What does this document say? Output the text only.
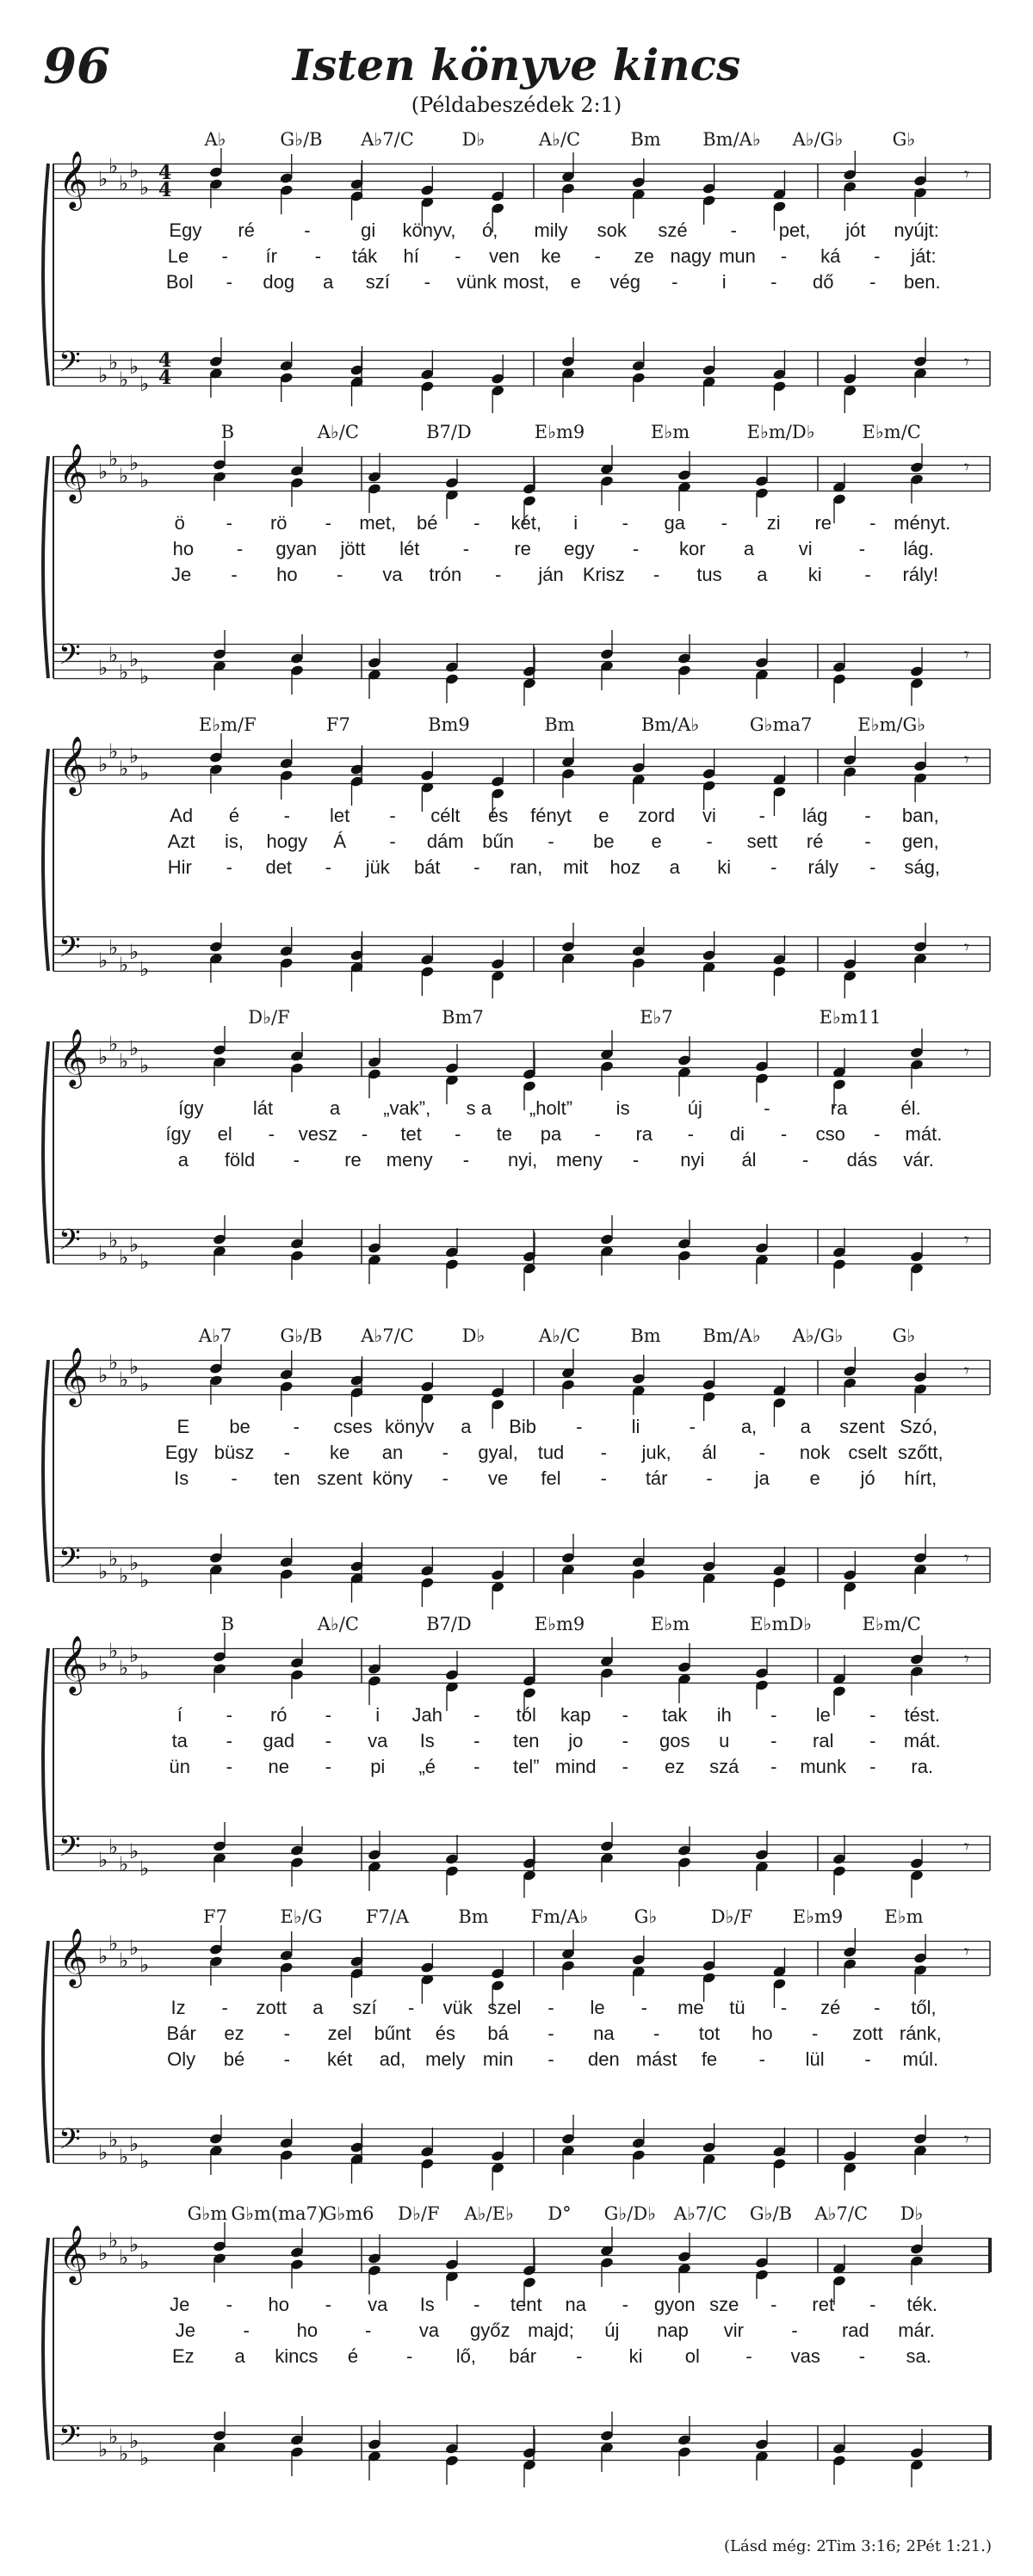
96	Isten könyve kincs
(Példabeszédek 2:1)
𝄞 ♭
♭
♭
♭
♭
4
4
𝄢 ♭
♭
♭
♭
♭
4
4
𝄾
𝄾
A♭	G♭/B A♭7/C	D♭	A♭/C	Bm Bm/A♭ A♭/G♭	G♭
Egy ré	-	gi könyv, ó, mily sok szé - pet, jót nyújt:
Le - ír - ták hí - ven ke - ze nagy mun - ká - ját:
Bol - dog a szí - vünk most, e vég - i - dő - ben.
𝄞 ♭
♭
♭
♭
♭
𝄢 ♭
♭
♭
♭
♭
𝄾
𝄾
B	A♭/C	B7/D	E♭m9	E♭m	E♭m/D♭	E♭m/C
ö - rö - met, bé - két, i - ga - zi re - ményt.
ho - gyan jött lét - re egy - kor a vi - lág.
Je - ho - va trón - ján Krisz - tus a ki - rály!
𝄞 ♭
♭
♭
♭
♭
𝄢 ♭
♭
♭
♭
♭
𝄾
𝄾
E♭m/F	F7	Bm9	Bm	Bm/A♭	G♭ma7	E♭m/G♭
Ad é - let - célt és fényt e zord vi - lág - ban,
Azt is, hogy Á - dám bűn - be e - sett ré - gen,
Hir - det - jük bát - ran, mit hoz a ki - rály - ság,
𝄞 ♭
♭
♭
♭
♭
𝄢 ♭
♭
♭
♭
♭
𝄾
𝄾
D♭/F	Bm7	E♭7	E♭m11
így	lát	a „vak”, s a „holt” is	új	-	ra	él.
így el - vesz - tet - te pa - ra - di - cso - mát.
a föld - re meny - nyi, meny - nyi ál - dás vár.
𝄞 ♭
♭
♭
♭
♭
𝄢 ♭
♭
♭
♭
♭
𝄾
𝄾
A♭7	G♭/B A♭7/C	D♭	A♭/C	Bm Bm/A♭ A♭/G♭	G♭
E be - cses könyv a Bib -	li	- a, a szent Szó,
Egy büsz - ke an - gyal, tud - juk, ál - nok cselt szőtt,
Is - ten szent köny - ve fel - tár - ja e jó hírt,
𝄞 ♭
♭
♭
♭
♭
𝄢 ♭
♭
♭
♭
♭
𝄾
𝄾
B	A♭/C	B7/D	E♭m9	E♭m	E♭mD♭	E♭m/C
í - ró - i Jah - tól kap - tak ih - le - tést.
ta - gad - va Is - ten jo - gos u - ral - mát.
ün - ne - pi „é - tel” mind - ez szá - munk - ra.
𝄞 ♭
♭
♭
♭
♭
𝄢 ♭
♭
♭
♭
♭
𝄾
𝄾
F7	E♭/G F7/A	Bm Fm/A♭	G♭	D♭/F E♭m9 E♭m
Iz - zott a szí - vük szel - le - me tü - zé - től,
Bár ez - zel bűnt és bá - na - tot ho - zott ránk,
Oly bé - két ad, mely min - den mást fe - lül - múl.
𝄞 ♭
♭
♭
♭
♭
𝄢 ♭
♭
♭
♭
♭
G♭m G♭m(ma7)
G♭m6 D♭/F A♭/E♭ D° G♭/D♭ A♭7/C G♭/B A♭7/C D♭
Je - ho - va Is - tent na - gyon sze - ret - ték.
Je	- ho -	va győz majd; új nap vir	- rad már.
Ez a kincs é	- lő, bár - ki ol - vas - sa.
(Lásd még: 2Tim 3:16; 2Pét 1:21.)
